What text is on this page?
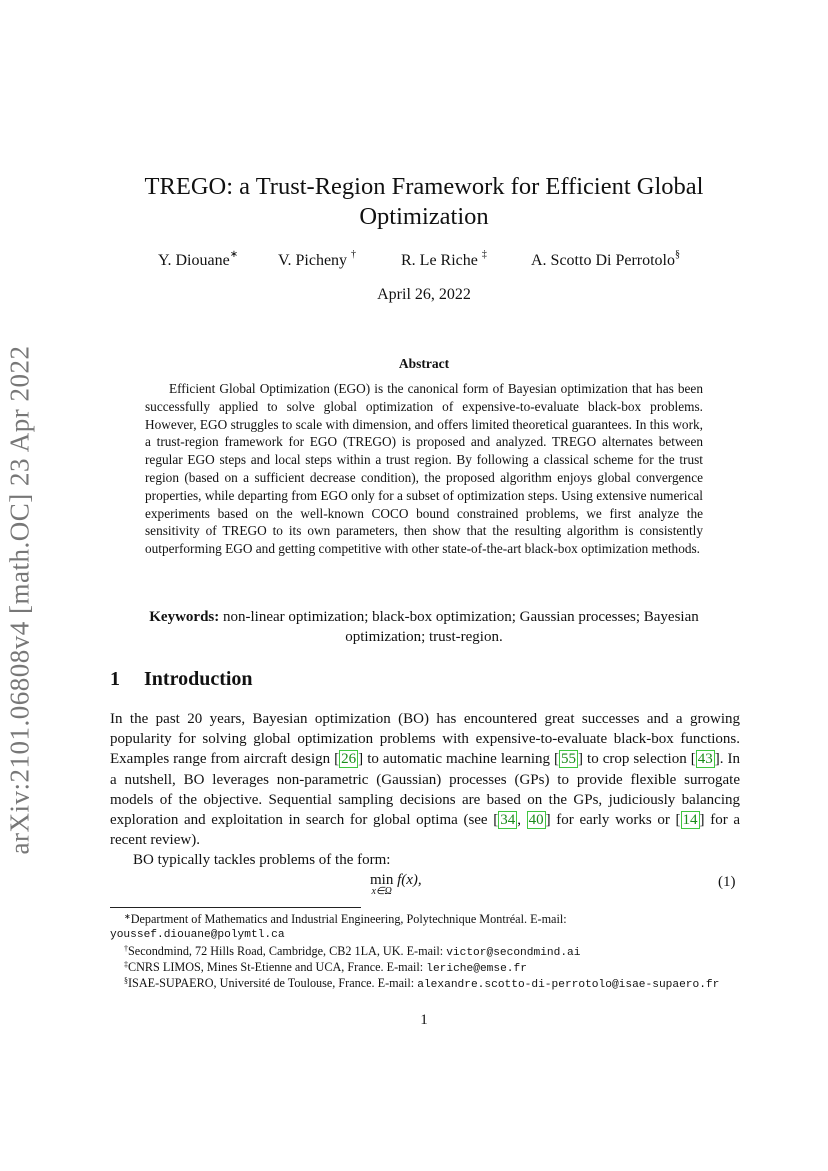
arXiv:2101.06808v4 [math.OC] 23 Apr 2022
TREGO: a Trust-Region Framework for Efficient Global Optimization
Y. Diouane∗ V. Picheny †	R. Le Riche ‡	A. Scotto Di Perrotolo§
April 26, 2022
Abstract
Efficient Global Optimization (EGO) is the canonical form of Bayesian optimization that has been successfully applied to solve global optimization of expensive-to-evaluate black-box problems. However, EGO struggles to scale with dimension, and offers limited theoretical guarantees. In this work, a trust-region framework for EGO (TREGO) is proposed and analyzed. TREGO alternates between regular EGO steps and local steps within a trust region. By following a classical scheme for the trust region (based on a sufficient decrease condition), the proposed algorithm enjoys global convergence properties, while departing from EGO only for a subset of optimization steps. Using extensive numerical experiments based on the well-known COCO bound constrained problems, we first analyze the sensitivity of TREGO to its own parameters, then show that the resulting algorithm is consistently outperforming EGO and getting competitive with other state-of-the-art black-box optimization methods.
Keywords: non-linear optimization; black-box optimization; Gaussian processes; Bayesian optimization; trust-region.
1 Introduction

In the past 20 years, Bayesian optimization (BO) has encountered great successes and a growing popularity for solving global optimization problems with expensive-to-evaluate black-box functions. Examples range from aircraft design [ 26 ] to automatic machine learning [ 55 ] to crop selection [ 43 ]. In a nutshell, BO leverages non-parametric (Gaussian) processes (GPs) to provide flexible surrogate models of the objective. Sequential sampling decisions are based on the GPs, judiciously balancing exploration and exploitation in search for global optima (see [ 34 , 40 ] for early works or [ 14 ] for a recent review).

BO typically tackles problems of the form:

min
x∈Ω
f(x),	(1)
∗Department of Mathematics and Industrial Engineering, Polytechnique Montréal. E-mail:
youssef.diouane@polymtl.ca
†Secondmind, 72 Hills Road, Cambridge, CB2 1LA, UK. E-mail: victor@secondmind.ai
‡CNRS LIMOS, Mines St-Etienne and UCA, France. E-mail: leriche@emse.fr
§ISAE-SUPAERO, Université de Toulouse, France. E-mail: alexandre.scotto-di-perrotolo@isae-supaero.fr
1
